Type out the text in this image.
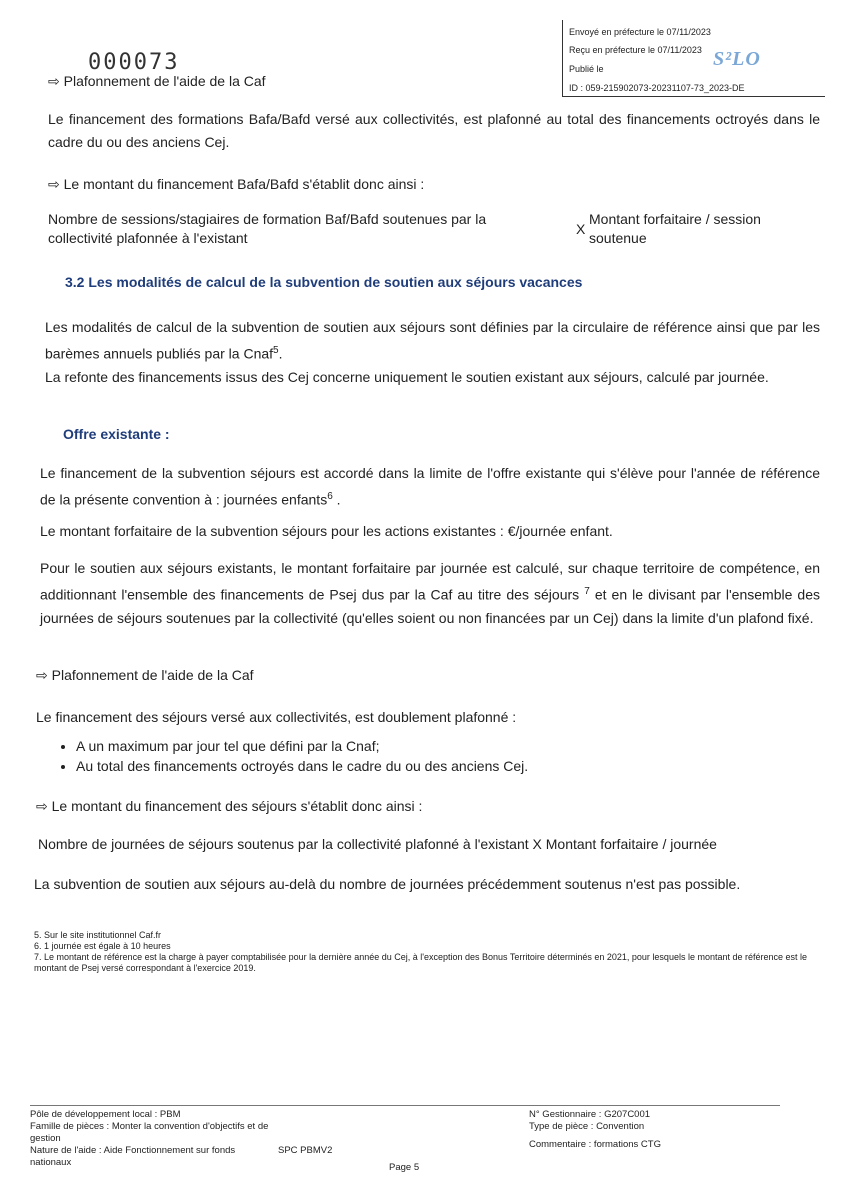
Envoyé en préfecture le 07/11/2023
Reçu en préfecture le 07/11/2023
Publié le
ID : 059-215902073-20231107-73_2023-DE
S²LO
000073
⇨ Plafonnement de l'aide de la Caf
Le financement des formations Bafa/Bafd versé aux collectivités, est plafonné au total des financements octroyés dans le cadre du ou des anciens Cej.
⇨ Le montant du financement Bafa/Bafd s'établit donc ainsi :
Nombre de sessions/stagiaires de formation Baf/Bafd soutenues par la collectivité plafonnée à l'existant
X
Montant forfaitaire / session soutenue
3.2 Les modalités de calcul de la subvention de soutien aux séjours vacances
Les modalités de calcul de la subvention de soutien aux séjours sont définies par la circulaire de référence ainsi que par les barèmes annuels publiés par la Cnaf$^5$.
La refonte des financements issus des Cej concerne uniquement le soutien existant aux séjours, calculé par journée.
Offre existante :
Le financement de la subvention séjours est accordé dans la limite de l'offre existante qui s'élève pour l'année de référence de la présente convention à : journées enfants$^6$ .
Le montant forfaitaire de la subvention séjours pour les actions existantes : €/journée enfant.
Pour le soutien aux séjours existants, le montant forfaitaire par journée est calculé, sur chaque territoire de compétence, en additionnant l'ensemble des financements de Psej dus par la Caf au titre des séjours $^7$ et en le divisant par l'ensemble des journées de séjours soutenues par la collectivité (qu'elles soient ou non financées par un Cej) dans la limite d'un plafond fixé.
⇨ Plafonnement de l'aide de la Caf
Le financement des séjours versé aux collectivités, est doublement plafonné :
• A un maximum par jour tel que défini par la Cnaf;
• Au total des financements octroyés dans le cadre du ou des anciens Cej.
⇨ Le montant du financement des séjours s'établit donc ainsi :
Nombre de journées de séjours soutenus par la collectivité plafonné à l'existant X Montant forfaitaire / journée
La subvention de soutien aux séjours au-delà du nombre de journées précédemment soutenus n'est pas possible.
5. Sur le site institutionnel Caf.fr
6. 1 journée est égale à 10 heures
7. Le montant de référence est la charge à payer comptabilisée pour la dernière année du Cej, à l'exception des Bonus Territoire déterminés en 2021, pour lesquels le montant de référence est le montant de Psej versé correspondant à l'exercice 2019.
Pôle de développement local : PBM
Famille de pièces : Monter la convention d'objectifs et de gestion
Nature de l'aide : Aide Fonctionnement sur fonds nationaux
SPC PBMV2
N° Gestionnaire : G207C001
Type de pièce : Convention
Commentaire : formations CTG
Page 5
